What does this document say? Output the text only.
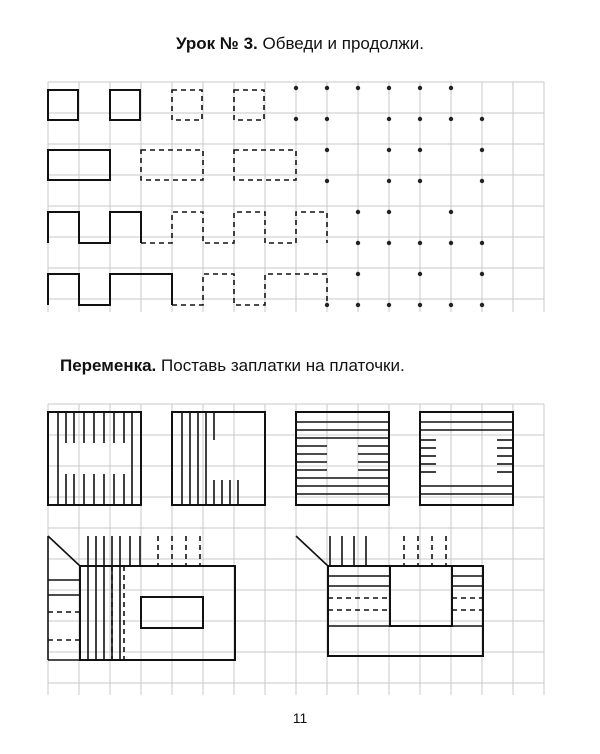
Урок № 3. Обведи и продолжи.
Переменка. Поставь заплатки на платочки.
11
